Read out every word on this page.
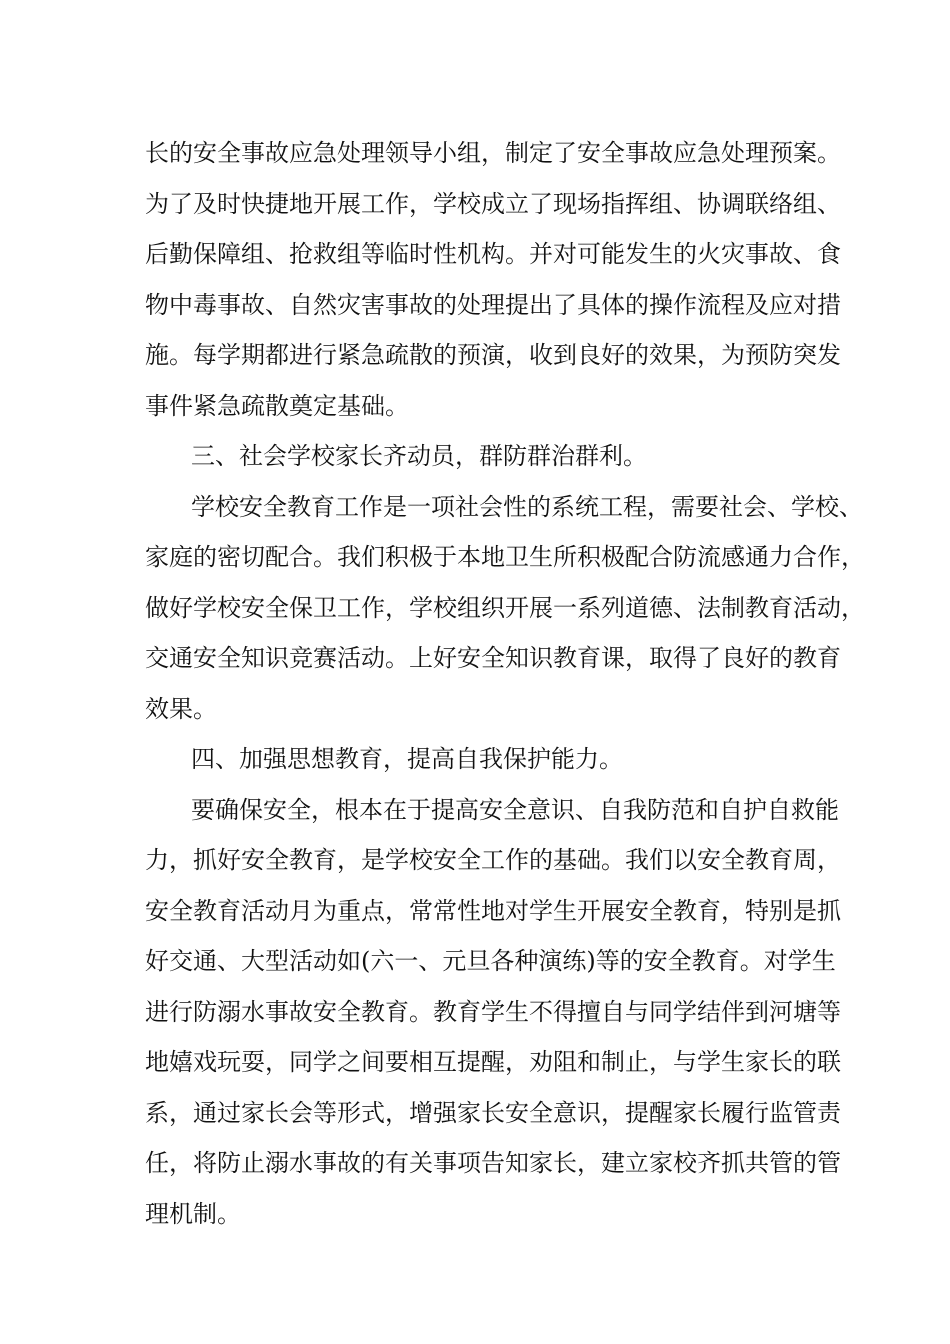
长的安全事故应急处理领导小组，制定了安全事故应急处理预案。
为了及时快捷地开展工作，学校成立了现场指挥组、协调联络组、
后勤保障组、抢救组等临时性机构。并对可能发生的火灾事故、食
物中毒事故、自然灾害事故的处理提出了具体的操作流程及应对措
施。每学期都进行紧急疏散的预演，收到良好的效果，为预防突发
事件紧急疏散奠定基础。
三、社会学校家长齐动员，群防群治群利。
学校安全教育工作是一项社会性的系统工程，需要社会、学校、
家庭的密切配合。我们积极于本地卫生所积极配合防流感通力合作，
做好学校安全保卫工作，学校组织开展一系列道德、法制教育活动，
交通安全知识竞赛活动。上好安全知识教育课，取得了良好的教育
效果。
四、加强思想教育，提高自我保护能力。
要确保安全，根本在于提高安全意识、自我防范和自护自救能
力，抓好安全教育，是学校安全工作的基础。我们以安全教育周，
安全教育活动月为重点，常常性地对学生开展安全教育，特别是抓
好交通、大型活动如(六一、元旦各种演练)等的安全教育。对学生
进行防溺水事故安全教育。教育学生不得擅自与同学结伴到河塘等
地嬉戏玩耍，同学之间要相互提醒，劝阻和制止，与学生家长的联
系，通过家长会等形式，增强家长安全意识，提醒家长履行监管责
任，将防止溺水事故的有关事项告知家长，建立家校齐抓共管的管
理机制。
